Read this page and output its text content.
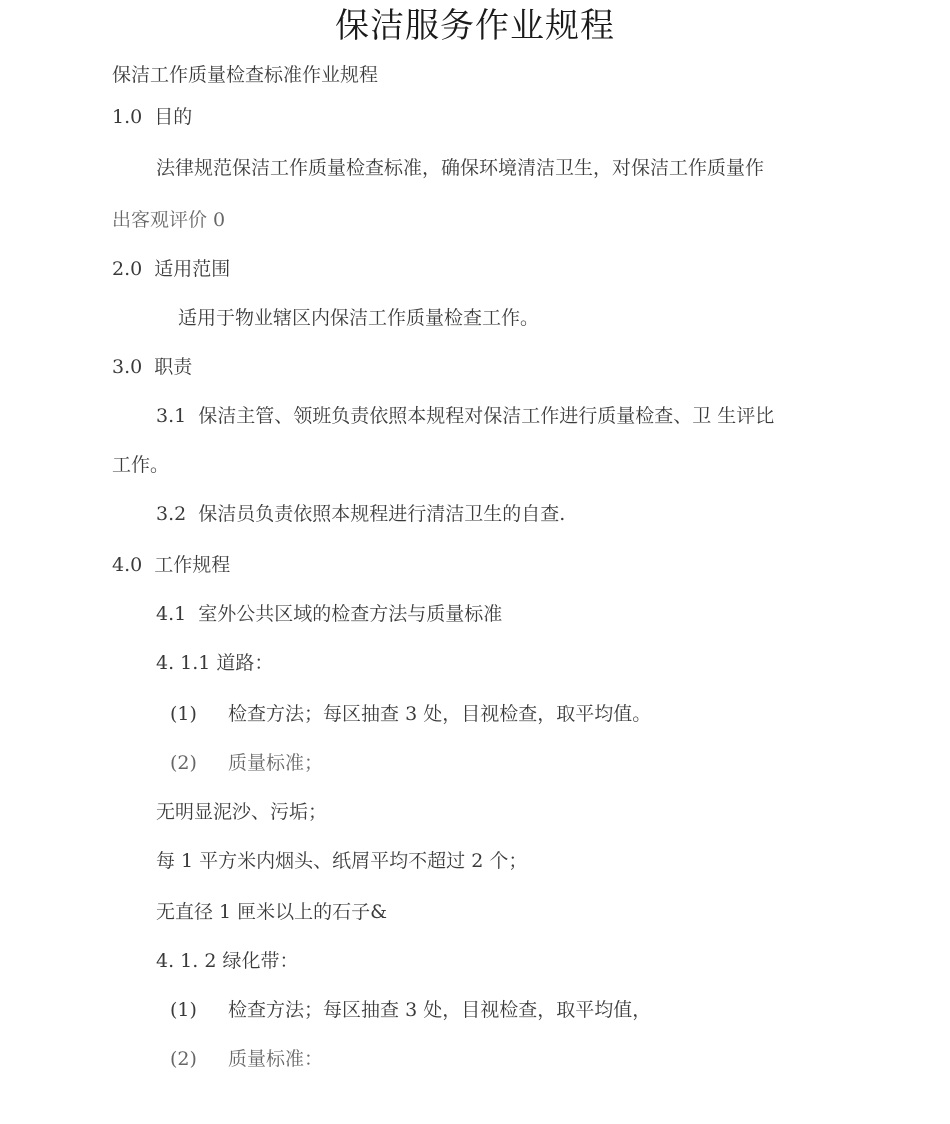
保洁服务作业规程
保洁工作质量检查标准作业规程
1.0 目的
法律规范保洁工作质量检查标准，确保环境清洁卫生，对保洁工作质量作
出客观评价 0
2.0 适用范围
适用于物业辖区内保洁工作质量检查工作。
3.0 职责
3.1 保洁主管、领班负责依照本规程对保洁工作进行质量检查、卫 生评比
工作。
3.2 保洁员负责依照本规程进行清洁卫生的自查.
4.0 工作规程
4.1 室外公共区域的检查方法与质量标准
4. 1.1 道路：
(1) 检查方法；每区抽查 3 处，目视检查，取平均值。
(2) 质量标准；
无明显泥沙、污垢；
每 1 平方米内烟头、纸屑平均不超过 2 个；
无直径 1 匣米以上的石子&
4. 1. 2 绿化带：
(1) 检查方法；每区抽查 3 处，目视检查，取平均值，
(2) 质量标准：
